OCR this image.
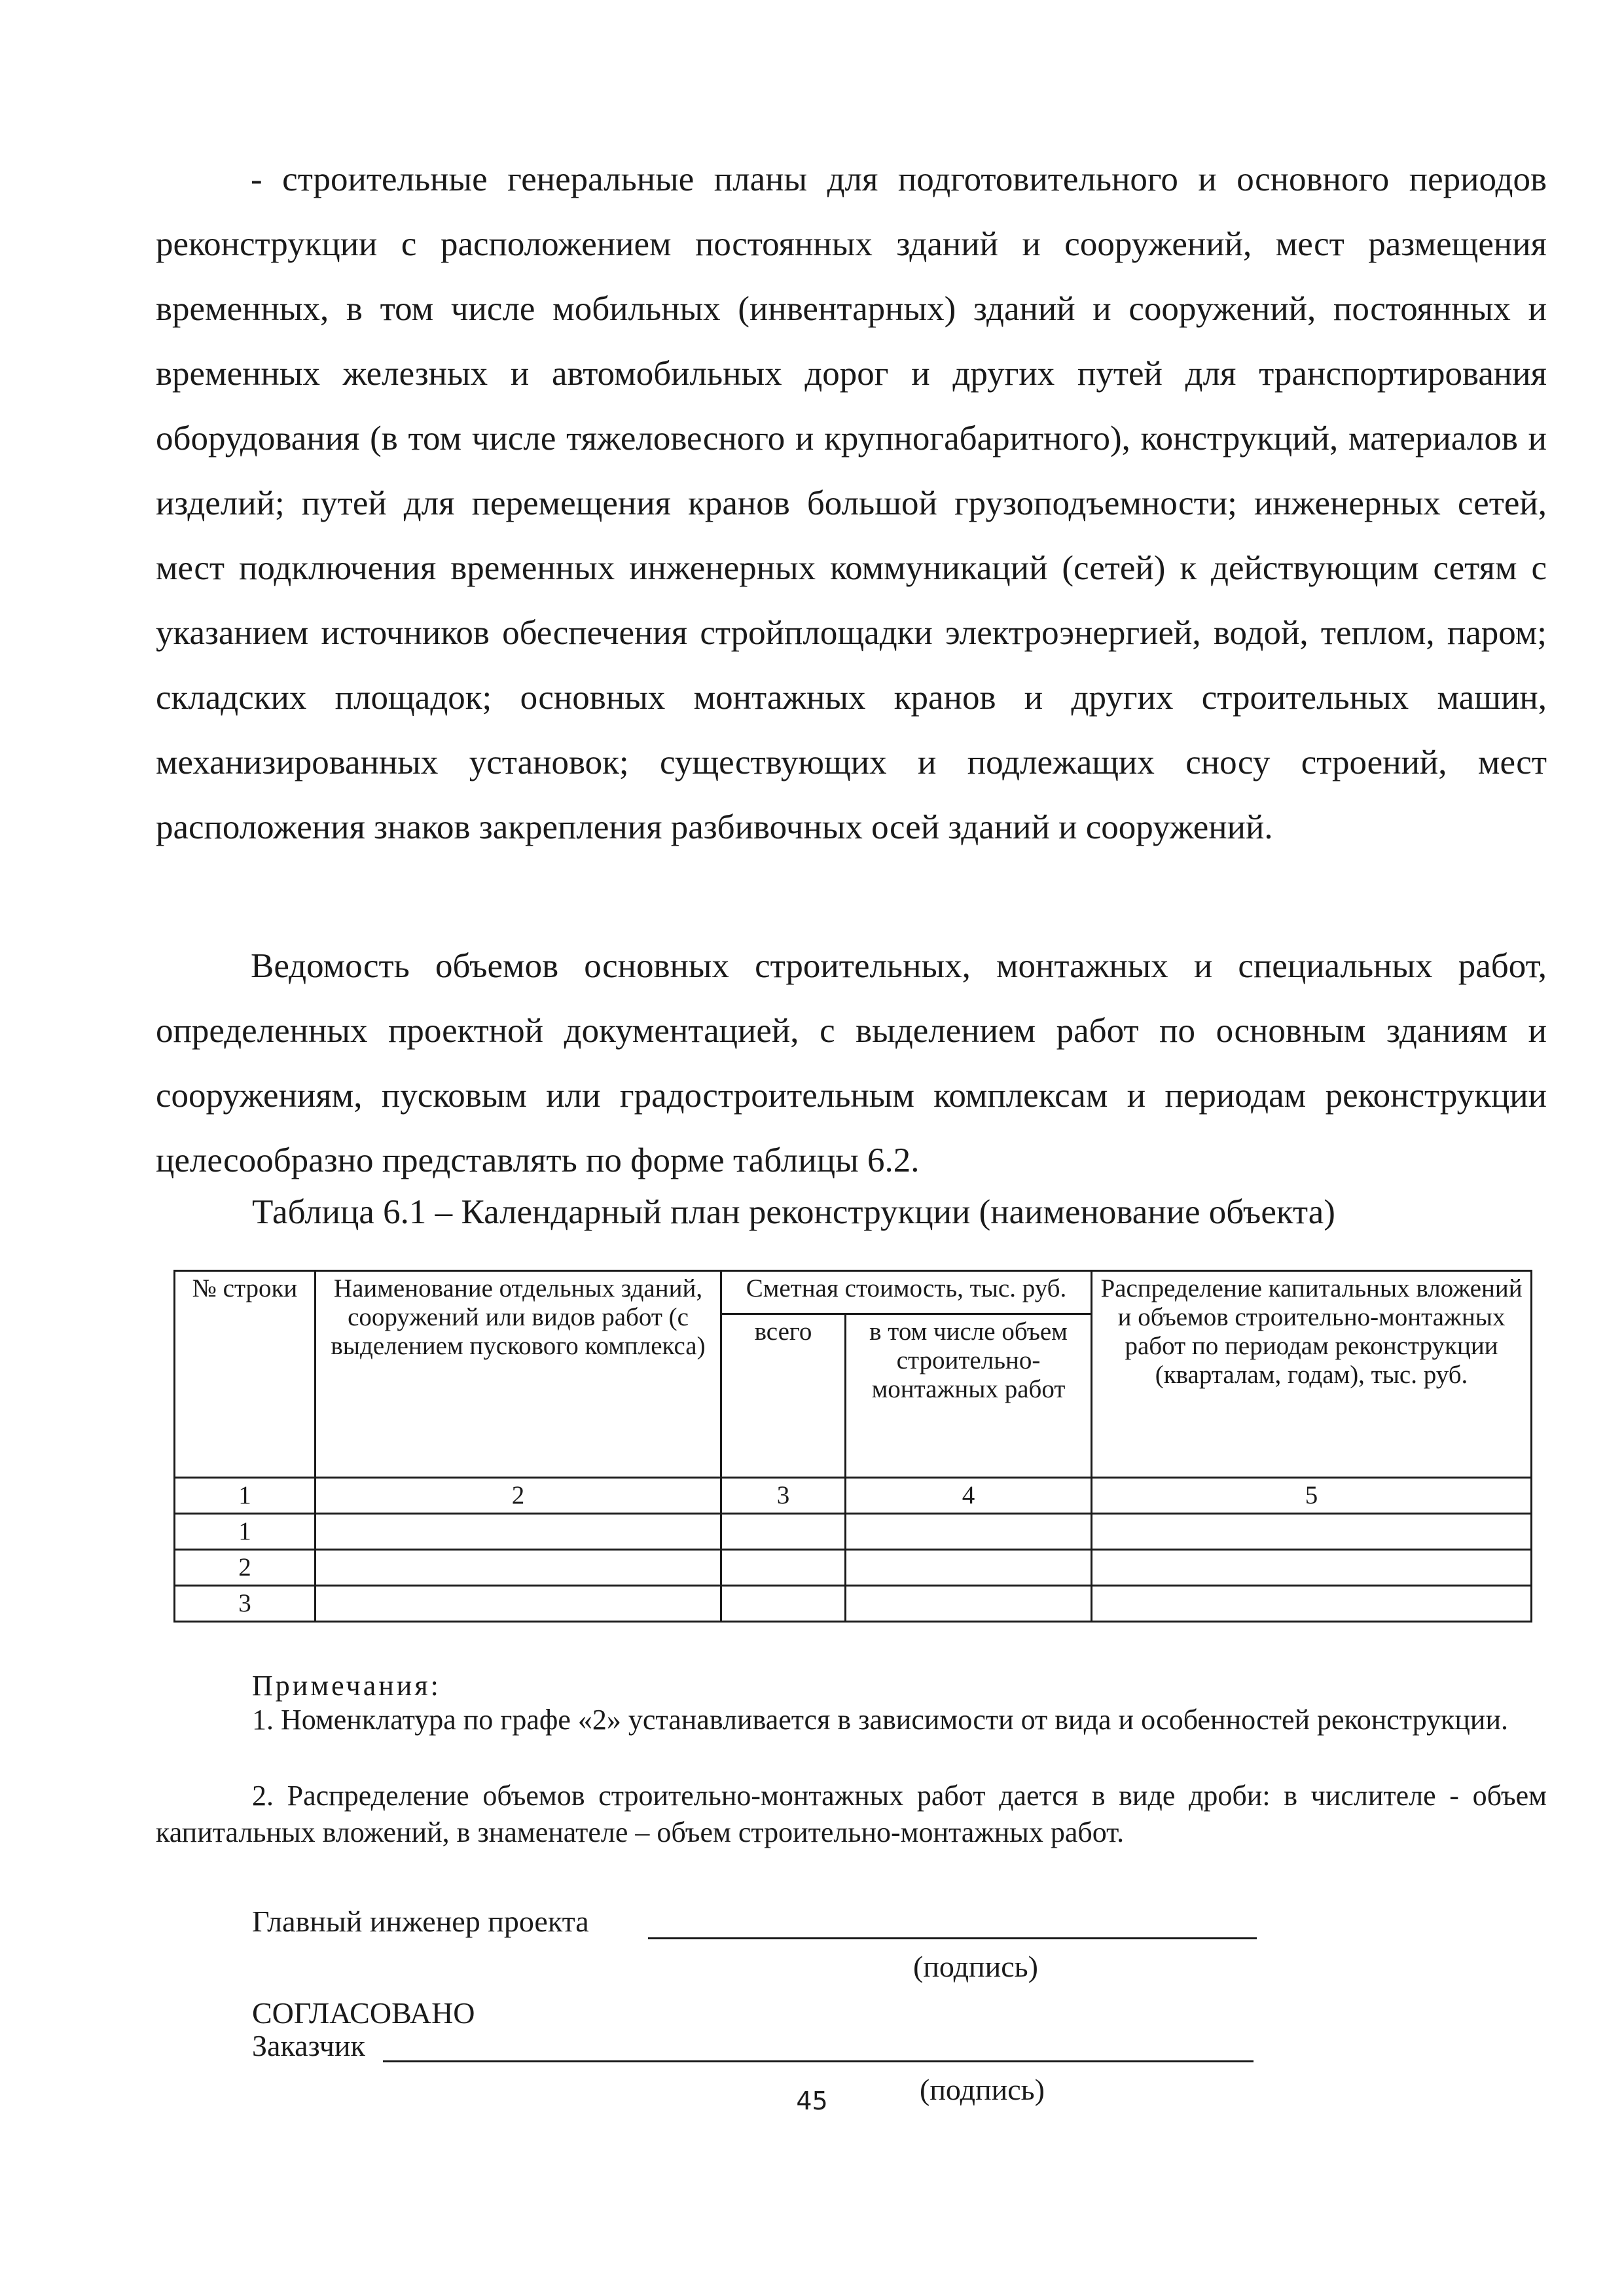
- строительные генеральные планы для подготовительного и основного периодов реконструкции с расположением постоянных зданий и сооружений, мест размещения временных, в том числе мобильных (инвентарных) зданий и сооружений, постоянных и временных железных и автомобильных дорог и других путей для транспортирования оборудования (в том числе тяжеловесного и крупногабаритного), конструкций, материалов и изделий; путей для перемещения кранов большой грузоподъемности; инженерных сетей, мест подключения временных инженерных коммуникаций (сетей) к действующим сетям с указанием источников обеспечения стройплощадки электроэнергией, водой, теплом, паром; складских площадок; основных монтажных кранов и других строительных машин, механизированных установок; существующих и подлежащих сносу строений, мест расположения знаков закрепления разбивочных осей зданий и сооружений.

Ведомость объемов основных строительных, монтажных и специальных работ, определенных проектной документацией, с выделением работ по основным зданиям и сооружениям, пусковым или градостроительным комплексам и периодам реконструкции целесообразно представлять по форме таблицы 6.2.

Таблица 6.1 – Календарный план реконструкции (наименование объекта)
№ строки	Наименование отдельных зданий, сооружений или видов работ (с выделением пускового комплекса)	Сметная стоимость, тыс. руб.		Распределение капитальных вложений и объемов строительно-монтажных работ по периодам реконструкции (кварталам, годам), тыс. руб.
		всего	в том числе объем строительно-монтажных работ	
1	2	3	4	5
1				
2				
3				
Примечания:

1. Номенклатура по графе «2» устанавливается в зависимости от вида и особенностей реконструкции.

2. Распределение объемов строительно-монтажных работ дается в виде дроби: в числителе - объем капитальных вложений, в знаменателе – объем строительно-монтажных работ.

Главный инженер проекта
(подпись)
СОГЛАСОВАНО
Заказчик
(подпись)
45
